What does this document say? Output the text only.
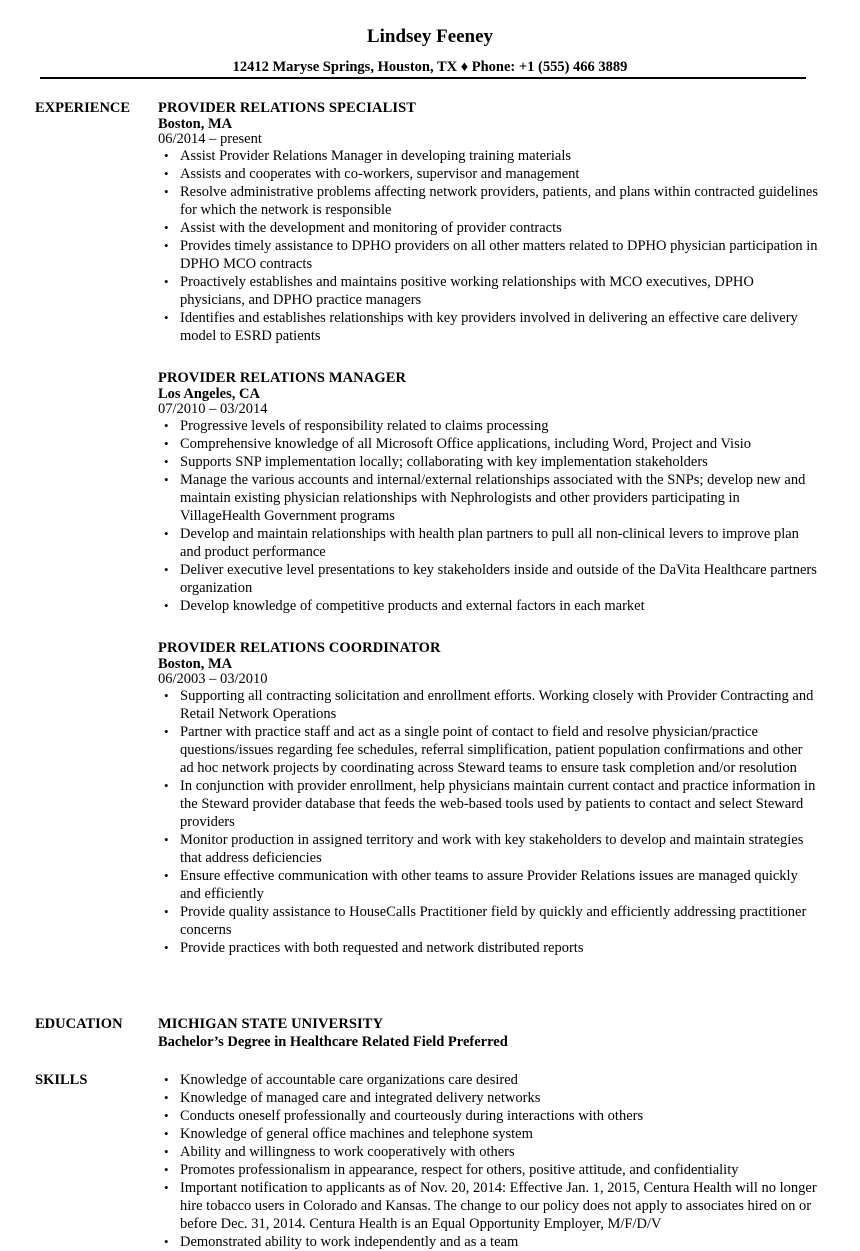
Lindsey Feeney
12412 Maryse Springs, Houston, TX ♦ Phone: +1 (555) 466 3889
EXPERIENCE PROVIDER RELATIONS SPECIALIST
Boston, MA
06/2014 – present
• Assist Provider Relations Manager in developing training materials
• Assists and cooperates with co-workers, supervisor and management
• Resolve administrative problems affecting network providers, patients, and plans within contracted guidelines for which the network is responsible
• Assist with the development and monitoring of provider contracts
• Provides timely assistance to DPHO providers on all other matters related to DPHO physician participation in DPHO MCO contracts
• Proactively establishes and maintains positive working relationships with MCO executives, DPHO physicians, and DPHO practice managers
• Identifies and establishes relationships with key providers involved in delivering an effective care delivery model to ESRD patients
PROVIDER RELATIONS MANAGER
Los Angeles, CA
07/2010 – 03/2014
• Progressive levels of responsibility related to claims processing
• Comprehensive knowledge of all Microsoft Office applications, including Word, Project and Visio
• Supports SNP implementation locally; collaborating with key implementation stakeholders
• Manage the various accounts and internal/external relationships associated with the SNPs; develop new and maintain existing physician relationships with Nephrologists and other providers participating in VillageHealth Government programs
• Develop and maintain relationships with health plan partners to pull all non-clinical levers to improve plan and product performance
• Deliver executive level presentations to key stakeholders inside and outside of the DaVita Healthcare partners organization
• Develop knowledge of competitive products and external factors in each market
PROVIDER RELATIONS COORDINATOR
Boston, MA
06/2003 – 03/2010
• Supporting all contracting solicitation and enrollment efforts. Working closely with Provider Contracting and Retail Network Operations
• Partner with practice staff and act as a single point of contact to field and resolve physician/practice questions/issues regarding fee schedules, referral simplification, patient population confirmations and other ad hoc network projects by coordinating across Steward teams to ensure task completion and/or resolution
• In conjunction with provider enrollment, help physicians maintain current contact and practice information in the Steward provider database that feeds the web-based tools used by patients to contact and select Steward providers
• Monitor production in assigned territory and work with key stakeholders to develop and maintain strategies that address deficiencies
• Ensure effective communication with other teams to assure Provider Relations issues are managed quickly and efficiently
• Provide quality assistance to HouseCalls Practitioner field by quickly and efficiently addressing practitioner concerns
• Provide practices with both requested and network distributed reports
EDUCATION MICHIGAN STATE UNIVERSITY
Bachelor’s Degree in Healthcare Related Field Preferred
SKILLS	• Knowledge of accountable care organizations care desired
• Knowledge of managed care and integrated delivery networks
• Conducts oneself professionally and courteously during interactions with others
• Knowledge of general office machines and telephone system
• Ability and willingness to work cooperatively with others
• Promotes professionalism in appearance, respect for others, positive attitude, and confidentiality
• Important notification to applicants as of Nov. 20, 2014: Effective Jan. 1, 2015, Centura Health will no longer hire tobacco users in Colorado and Kansas. The change to our policy does not apply to associates hired on or before Dec. 31, 2014. Centura Health is an Equal Opportunity Employer, M/F/D/V
• Demonstrated ability to work independently and as a team
